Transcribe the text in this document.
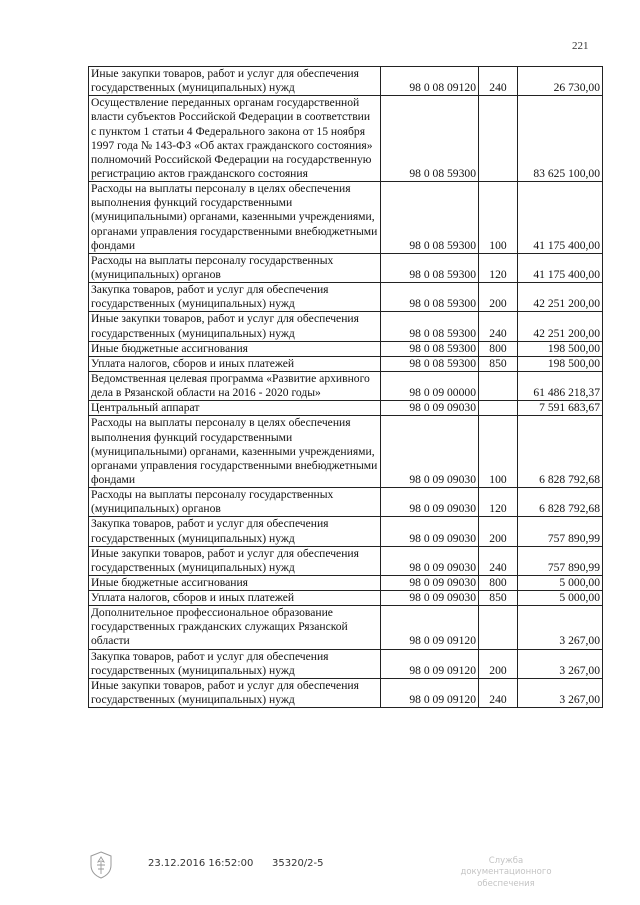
221
Иные закупки товаров, работ и услуг для обеспечения государственных (муниципальных) нужд	98 0 08 09120	240	26 730,00
Осуществление переданных органам государственной власти субъектов Российской Федерации в соответствии с пунктом 1 статьи 4 Федерального закона от 15 ноября 1997 года № 143-ФЗ «Об актах гражданского состояния» полномочий Российской Федерации на государственную регистрацию актов гражданского состояния	98 0 08 59300		83 625 100,00
Расходы на выплаты персоналу в целях обеспечения выполнения функций государственными (муниципальными) органами, казенными учреждениями, органами управления государственными внебюджетными фондами	98 0 08 59300	100	41 175 400,00
Расходы на выплаты персоналу государственных (муниципальных) органов	98 0 08 59300	120	41 175 400,00
Закупка товаров, работ и услуг для обеспечения государственных (муниципальных) нужд	98 0 08 59300	200	42 251 200,00
Иные закупки товаров, работ и услуг для обеспечения государственных (муниципальных) нужд	98 0 08 59300	240	42 251 200,00
Иные бюджетные ассигнования	98 0 08 59300	800	198 500,00
Уплата налогов, сборов и иных платежей	98 0 08 59300	850	198 500,00
Ведомственная целевая программа «Развитие архивного дела в Рязанской области на 2016 - 2020 годы»	98 0 09 00000		61 486 218,37
Центральный аппарат	98 0 09 09030		7 591 683,67
Расходы на выплаты персоналу в целях обеспечения выполнения функций государственными (муниципальными) органами, казенными учреждениями, органами управления государственными внебюджетными фондами	98 0 09 09030	100	6 828 792,68
Расходы на выплаты персоналу государственных (муниципальных) органов	98 0 09 09030	120	6 828 792,68
Закупка товаров, работ и услуг для обеспечения государственных (муниципальных) нужд	98 0 09 09030	200	757 890,99
Иные закупки товаров, работ и услуг для обеспечения государственных (муниципальных) нужд	98 0 09 09030	240	757 890,99
Иные бюджетные ассигнования	98 0 09 09030	800	5 000,00
Уплата налогов, сборов и иных платежей	98 0 09 09030	850	5 000,00
Дополнительное профессиональное образование государственных гражданских служащих Рязанской области	98 0 09 09120		3 267,00
Закупка товаров, работ и услуг для обеспечения государственных (муниципальных) нужд	98 0 09 09120	200	3 267,00
Иные закупки товаров, работ и услуг для обеспечения государственных (муниципальных) нужд	98 0 09 09120	240	3 267,00
23.12.2016 16:52:00 35320/2-5	Служба документационного
обеспечения
